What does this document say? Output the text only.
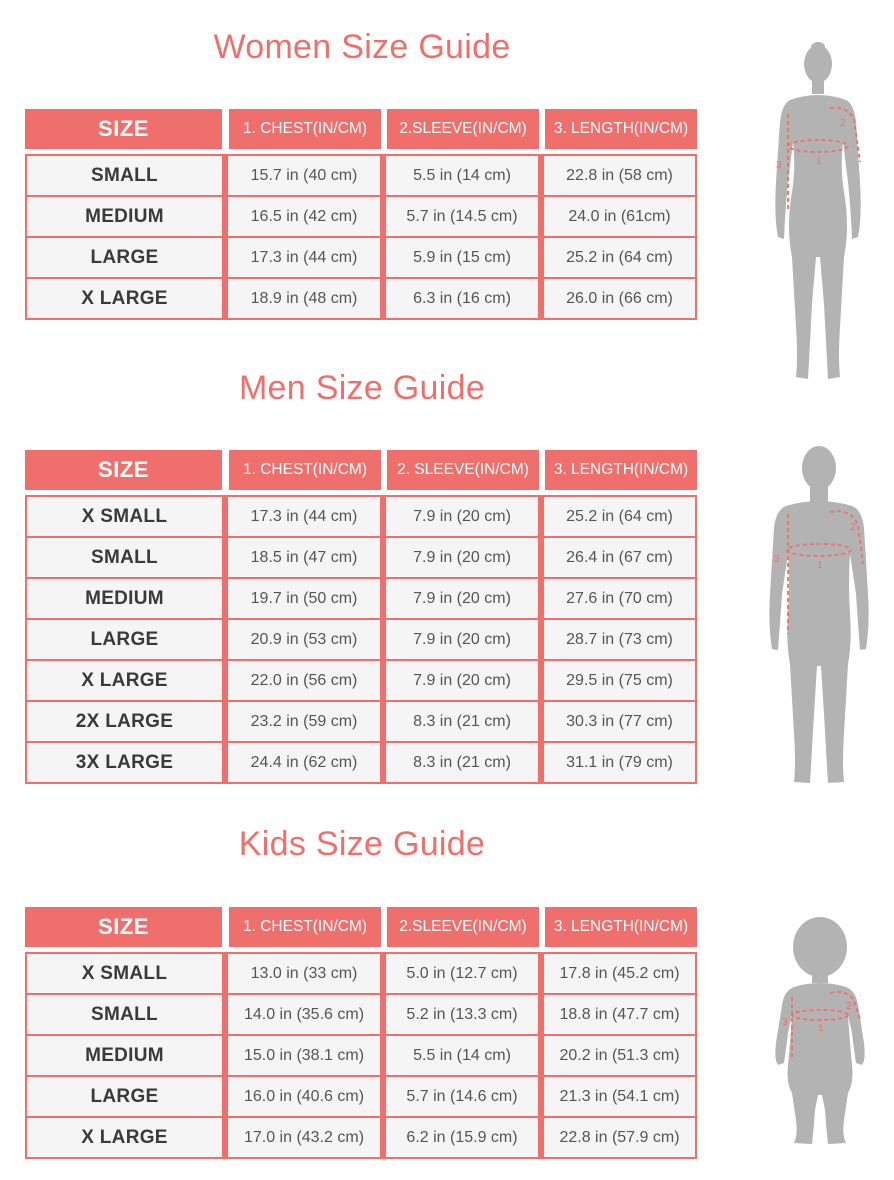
Women Size Guide
SIZE	1. CHEST(IN/CM)	2.SLEEVE(IN/CM)	3. LENGTH(IN/CM)
SMALL	15.7 in (40 cm)	5.5 in (14 cm)	22.8 in (58 cm)
MEDIUM	16.5 in (42 cm)	5.7 in (14.5 cm)	24.0 in (61cm)
LARGE	17.3 in (44 cm)	5.9 in (15 cm)	25.2 in (64 cm)
X LARGE	18.9 in (48 cm)	6.3 in (16 cm)	26.0 in (66 cm)
1
2
3
Men Size Guide
SIZE	1. CHEST(IN/CM)	2. SLEEVE(IN/CM)	3. LENGTH(IN/CM)
X SMALL	17.3 in (44 cm)	7.9 in (20 cm)	25.2 in (64 cm)
SMALL	18.5 in (47 cm)	7.9 in (20 cm)	26.4 in (67 cm)
MEDIUM	19.7 in (50 cm)	7.9 in (20 cm)	27.6 in (70 cm)
LARGE	20.9 in (53 cm)	7.9 in (20 cm)	28.7 in (73 cm)
X LARGE	22.0 in (56 cm)	7.9 in (20 cm)	29.5 in (75 cm)
2X LARGE	23.2 in (59 cm)	8.3 in (21 cm)	30.3 in (77 cm)
3X LARGE	24.4 in (62 cm)	8.3 in (21 cm)	31.1 in (79 cm)
1
2
3
Kids Size Guide
SIZE	1. CHEST(IN/CM)	2.SLEEVE(IN/CM)	3. LENGTH(IN/CM)
X SMALL	13.0 in (33 cm)	5.0 in (12.7 cm)	17.8 in (45.2 cm)
SMALL	14.0 in (35.6 cm)	5.2 in (13.3 cm)	18.8 in (47.7 cm)
MEDIUM	15.0 in (38.1 cm)	5.5 in (14 cm)	20.2 in (51.3 cm)
LARGE	16.0 in (40.6 cm)	5.7 in (14.6 cm)	21.3 in (54.1 cm)
X LARGE	17.0 in (43.2 cm)	6.2 in (15.9 cm)	22.8 in (57.9 cm)
1
2
3
